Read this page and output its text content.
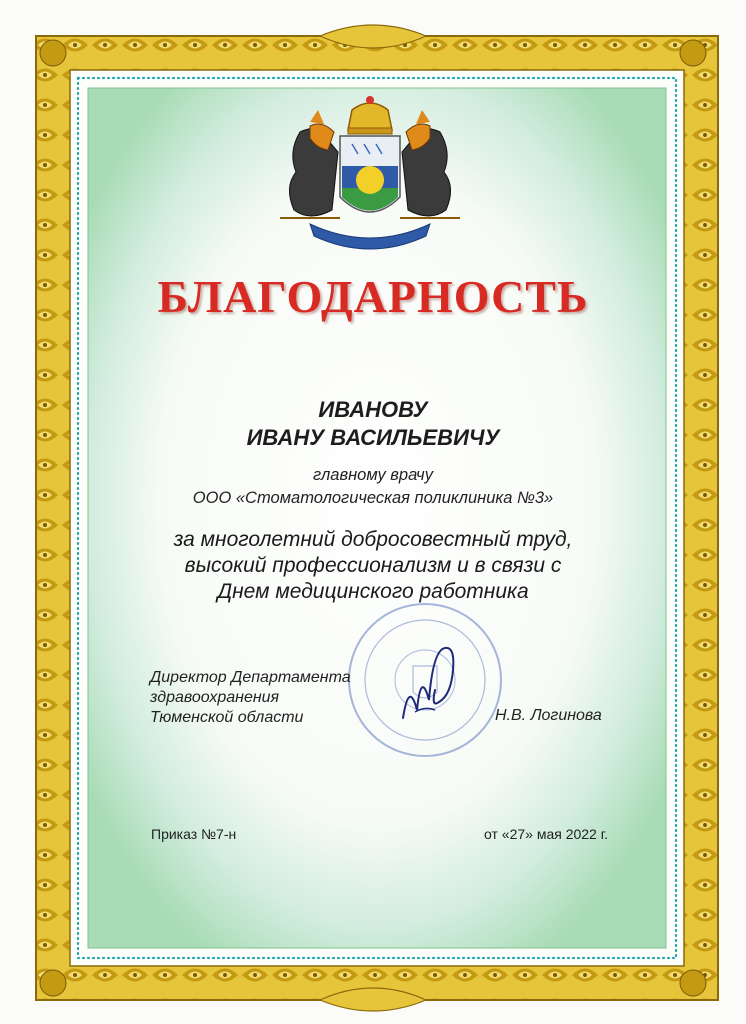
БЛАГОДАРНОСТЬ
ИВАНОВУ
ИВАНУ ВАСИЛЬЕВИЧУ
главному врачу
ООО «Стоматологическая поликлиника №3»
за многолетний добросовестный труд,
высокий профессионализм и в связи с
Днем медицинского работника
Директор Департамента
здравоохранения
Тюменской области	Н.В. Логинова
Приказ №7-н	от «27» мая 2022 г.
